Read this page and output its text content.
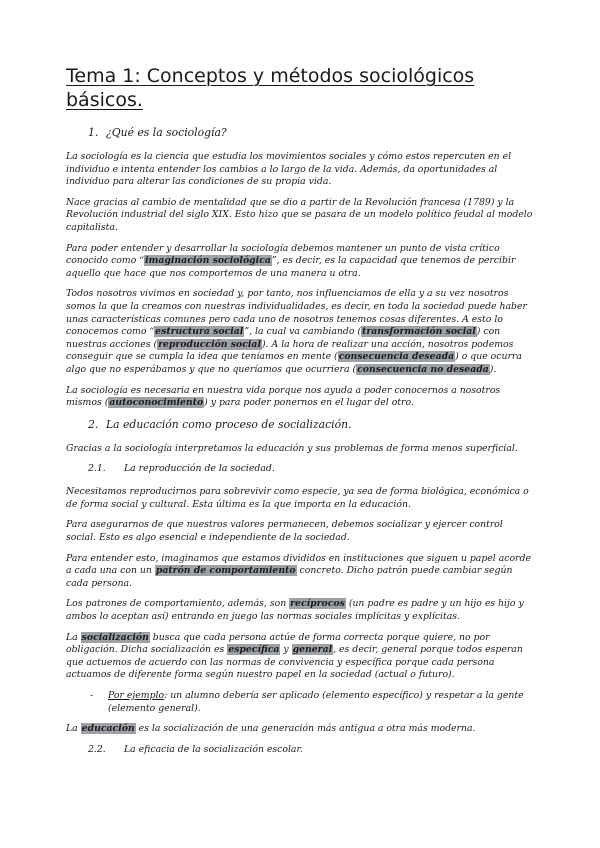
Tema 1: Conceptos y métodos sociológicos básicos.
1. ¿Qué es la sociología?

La sociología es la ciencia que estudia los movimientos sociales y cómo estos repercuten en el individuo e intenta entender los cambios a lo largo de la vida. Además, da oportunidades al individuo para alterar las condiciones de su propia vida.

Nace gracias al cambio de mentalidad que se dio a partir de la Revolución francesa (1789) y la Revolución industrial del siglo XIX. Esto hizo que se pasara de un modelo político feudal al modelo capitalista.

Para poder entender y desarrollar la sociología debemos mantener un punto de vista crítico conocido como “imaginación sociológica”, es decir, es la capacidad que tenemos de percibir aquello que hace que nos comportemos de una manera u otra.

Todos nosotros vivimos en sociedad y, por tanto, nos influenciamos de ella y a su vez nosotros somos la que la creamos con nuestras individualidades, es decir, en toda la sociedad puede haber unas características comunes pero cada uno de nosotros tenemos cosas diferentes. A esto lo conocemos como “estructura social”, la cual va cambiando (transformación social) con nuestras acciones (reproducción social). A la hora de realizar una acción, nosotros podemos conseguir que se cumpla la idea que teníamos en mente (consecuencia deseada) o que ocurra algo que no esperábamos y que no queríamos que ocurriera (consecuencia no deseada).

La sociología es necesaria en nuestra vida porque nos ayuda a poder conocernos a nosotros mismos (autoconocimiento) y para poder ponernos en el lugar del otro.

2. La educación como proceso de socialización.

Gracias a la sociología interpretamos la educación y sus problemas de forma menos superficial.

2.1. La reproducción de la sociedad.

Necesitamos reproducirnos para sobrevivir como especie, ya sea de forma biológica, económica o de forma social y cultural. Esta última es la que importa en la educación.

Para asegurarnos de que nuestros valores permanecen, debemos socializar y ejercer control social. Esto es algo esencial e independiente de la sociedad.

Para entender esto, imaginamos que estamos divididos en instituciones que siguen u papel acorde a cada una con un patrón de comportamiento concreto. Dicho patrón puede cambiar según cada persona.

Los patrones de comportamiento, además, son recíprocos (un padre es padre y un hijo es hijo y ambos lo aceptan así) entrando en juego las normas sociales implícitas y explícitas.

La socialización busca que cada persona actúe de forma correcta porque quiere, no por obligación. Dicha socialización es específica y general, es decir, general porque todos esperan que actuemos de acuerdo con las normas de convivencia y específica porque cada persona actuamos de diferente forma según nuestro papel en la sociedad (actual o futuro).

- Por ejemplo: un alumno debería ser aplicado (elemento específico) y respetar a la gente (elemento general).

La educación es la socialización de una generación más antigua a otra más moderna.

2.2. La eficacia de la socialización escolar.
